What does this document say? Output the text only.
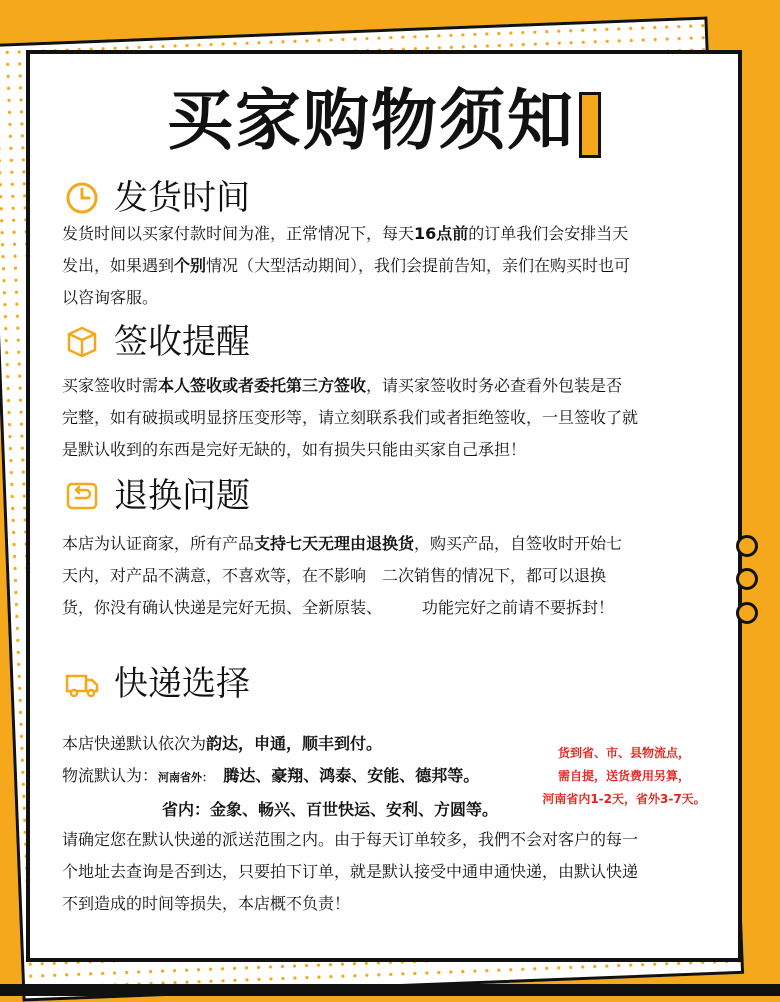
买家购物须知
发货时间
发货时间以买家付款时间为准，正常情况下，每天16点前的订单我们会安排当天
发出，如果遇到个别情况（大型活动期间），我们会提前告知，亲们在购买时也可
以咨询客服。
签收提醒
买家签收时需本人签收或者委托第三方签收，请买家签收时务必查看外包装是否
完整，如有破损或明显挤压变形等，请立刻联系我们或者拒绝签收，一旦签收了就
是默认收到的东西是完好无缺的，如有损失只能由买家自己承担！
退换问题
本店为认证商家，所有产品支持七天无理由退换货，购买产品，自签收时开始七
天内，对产品不满意，不喜欢等，在不影响　二次销售的情况下，都可以退换
货，你没有确认快递是完好无损、全新原装、　　　功能完好之前请不要拆封！
快递选择
本店快递默认依次为韵达，申通，顺丰到付。
物流默认为：河南省外： 腾达、豪翔、鸿泰、安能、德邦等。
省内：金象、畅兴、百世快运、安利、方圆等。
货到省、市、县物流点，
需自提，送货费用另算，
河南省内1-2天，省外3-7天。
请确定您在默认快递的派送范围之内。由于每天订单较多，我們不会对客户的每一
个地址去查询是否到达，只要拍下订单，就是默认接受中通申通快递，由默认快递
不到造成的时间等损失，本店概不负责！
